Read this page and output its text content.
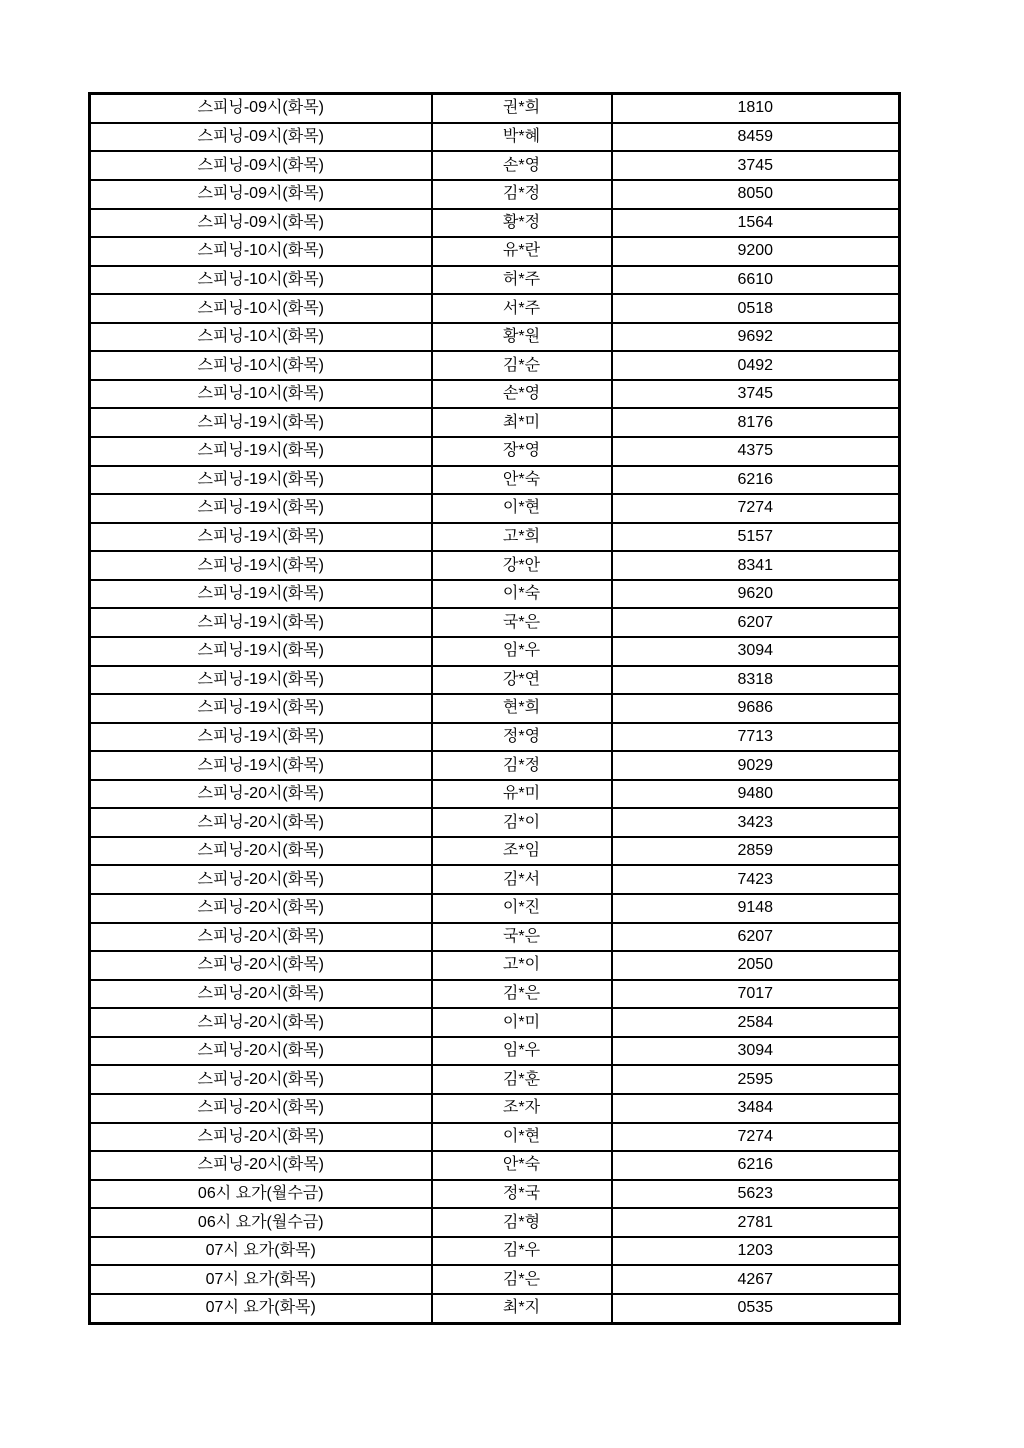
스피닝-09시(화목)	권*희	1810
스피닝-09시(화목)	박*혜	8459
스피닝-09시(화목)	손*영	3745
스피닝-09시(화목)	김*정	8050
스피닝-09시(화목)	황*정	1564
스피닝-10시(화목)	유*란	9200
스피닝-10시(화목)	허*주	6610
스피닝-10시(화목)	서*주	0518
스피닝-10시(화목)	황*원	9692
스피닝-10시(화목)	김*순	0492
스피닝-10시(화목)	손*영	3745
스피닝-19시(화목)	최*미	8176
스피닝-19시(화목)	장*영	4375
스피닝-19시(화목)	안*숙	6216
스피닝-19시(화목)	이*현	7274
스피닝-19시(화목)	고*희	5157
스피닝-19시(화목)	강*안	8341
스피닝-19시(화목)	이*숙	9620
스피닝-19시(화목)	국*은	6207
스피닝-19시(화목)	임*우	3094
스피닝-19시(화목)	강*연	8318
스피닝-19시(화목)	현*희	9686
스피닝-19시(화목)	정*영	7713
스피닝-19시(화목)	김*정	9029
스피닝-20시(화목)	유*미	9480
스피닝-20시(화목)	김*이	3423
스피닝-20시(화목)	조*임	2859
스피닝-20시(화목)	김*서	7423
스피닝-20시(화목)	이*진	9148
스피닝-20시(화목)	국*은	6207
스피닝-20시(화목)	고*이	2050
스피닝-20시(화목)	김*은	7017
스피닝-20시(화목)	이*미	2584
스피닝-20시(화목)	임*우	3094
스피닝-20시(화목)	김*훈	2595
스피닝-20시(화목)	조*자	3484
스피닝-20시(화목)	이*현	7274
스피닝-20시(화목)	안*숙	6216
06시 요가(월수금)	정*국	5623
06시 요가(월수금)	김*형	2781
07시 요가(화목)	김*우	1203
07시 요가(화목)	김*은	4267
07시 요가(화목)	최*지	0535
